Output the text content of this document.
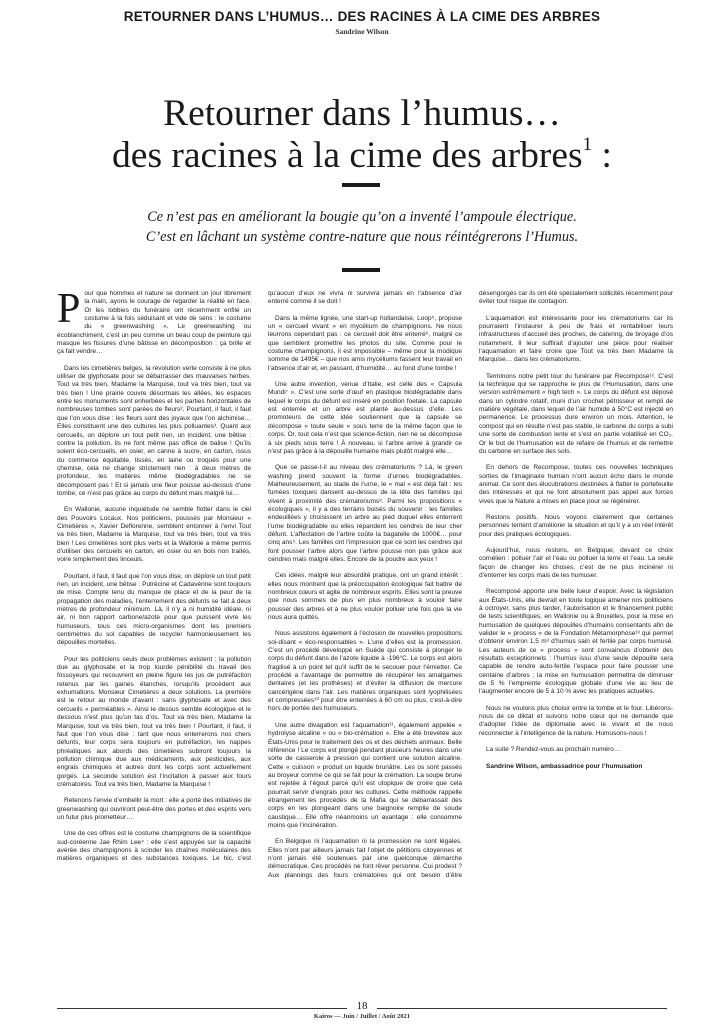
RETOURNER DANS L’HUMUS… DES RACINES À LA CIME DES ARBRES
Sandrine Wilson
Retourner dans l’humus…
des racines à la cime des arbres$^1$ :
Ce n’est pas en améliorant la bougie qu’on a inventé l’ampoule électrique.
C’est en lâchant un système contre-nature que nous réintégrerons l’Humus.

Pour que hommes et nature se donnent un jour librement la main, ayons le courage de regarder la réalité en face. Or les lobbies du funéraire ont récemment enfilé un costume à la fois séduisant et vide de sens : le costume du « greenwashing ». Le greenwashing ou écoblanchiment, c’est un peu comme un beau coup de peinture qui masque les fissures d’une bâtisse en décomposition : ça brille et ça fait vendre…

Dans les cimetières belges, la révolution verte consiste à ne plus utiliser de glyphosate pour se débarrasser des mauvaises herbes. Tout va très bien, Madame la Marquise, tout va très bien, tout va très bien ! Une prairie couvre désormais les allées, les espaces entre les monuments sont enherbées et les parties horizontales de nombreuses tombes sont parées de fleurs². Pourtant, il faut, il faut que l’on vous dise : les fleurs sont des joyaux que l’on alchimise… Elles constituent une des cultures les plus polluantes³. Quant aux cercueils, on déplore un tout petit rien, un incident, une bêtise : contre la pollution, ils ne font même pas office de balise ! Qu’ils soient éco-cercueils, en osier, en canne à sucre, en carton, issus du commerce équitable, tissés, en laine ou troqués pour une chemise, cela ne change strictement rien : à deux mètres de profondeur, les matières même biodégradables ne se décomposent pas ! Et si jamais une fleur pousse au-dessus d’une tombe, ce n’est pas grâce au corps du défunt mais malgré lui…

En Wallonie, aucune inquiétude ne semble flotter dans le ciel des Pouvoirs Locaux. Nos politiciens, poussés par Monsieur « Cimetières », Xavier Deflorenne, semblent entonner à l’envi Tout va très bien, Madame la Marquise, tout va très bien, tout va très bien ! Les cimetières sont plus verts et la Wallonie a même permis d’utiliser des cercueils en carton, en osier ou en bois non traités, voire simplement des linceuls.

Pourtant, il faut, il faut que l’on vous dise, on déplore un tout petit rien, un incident, une bêtise : Putrécine et Cadavérine sont toujours de mise. Compte tenu du manque de place et de la peur de la propagation des maladies, l’enterrement des défunts se fait à deux mètres de profondeur minimum. Là, il n’y a ni humidité idéale, ni air, ni bon rapport carbone/azote pour que puissent vivre les humuseurs, tous ces micro-organismes dont les premiers centimètres du sol capables de recycler harmonieusement les dépouilles mortelles.

Pour les politiciens seuls deux problèmes existent : la pollution due au glyphosate et la trop lourde pénibilité du travail des fossoyeurs qui recouvrent en pleine figure les jus de putréfaction retenus par les gaines étanches, lorsqu’ils procèdent aux exhumations. Monsieur Cimetières a deux solutions. La première est le retour au monde d’avant : sans glyphosate et avec des cercueils « perméables ». Ainsi le dessus semble écologique et le dessous n’est plus qu’un tas d’os. Tout va très bien, Madame la Marquise, tout va très bien, tout va très bien ! Pourtant, il faut, il faut que l’on vous dise : tant que nous enterrerons nos chers défunts, leur corps sera toujours en putréfaction, les nappes phréatiques aux abords des cimetières subiront toujours la pollution chimique due aux médicaments, aux pesticides, aux engrais chimiques et autres dont les corps sont actuellement gorgés. La seconde solution est l’incitation à passer aux fours crématoires. Tout va très bien, Madame la Marquise !

Retenons l’envie d’embellir la mort : elle a porté des initiatives de greenwashing qui ouvriront peut-être des portes et des esprits vers un futur plus prometteur…

Une de ces offres est le costume champignons de la scientifique sud-coréenne Jae Rhim Lee⁴ : elle s’est appuyée sur la capacité avérée des champignons à scinder les chaînes moléculaires des matières organiques et des substances toxiques. Le hic, c’est qu’aucun d’eux ne vivra ni survivra jamais en l’absence d’air enterré comme il se doit !

Dans la même lignée, une start-up hollandaise, Loop⁵, propose un « cercueil vivant » en mycélium de champignons. Ne nous leurrons cependant pas : ce cercueil doit être enterré⁶, malgré ce que semblent promettre les photos du site. Comme pour le costume champignons, il est impossible – même pour la modique somme de 1495€ – que nos amis mycéliums fassent leur travail en l’absence d’air et, en passant, d’humidité… au fond d’une tombe !

Une autre invention, venue d’Italie, est celle des « Capsula Mundi⁷ ». C’est une sorte d’œuf en plastique biodégradable dans lequel le corps du défunt est inséré en position foetale. La capsule est enterrée et un arbre est planté au-dessus d’elle. Les promoteurs de cette idée soutiennent que la capsule se décompose « toute seule » sous terre de la même façon que le corps. Or, tout cela n’est que science-fiction, rien ne se décompose à six pieds sous terre ! À nouveau, si l’arbre arrive à grandir ce n’est pas grâce à la dépouille humaine mais plutôt malgré elle…

Que se passe-t-il au niveau des crématoriums ? Là, le green washing prend souvent la forme d’urnes biodégradables. Malheureusement, au stade de l’urne, le « mal » est déjà fait : les fumées toxiques dansent au-dessus de la tête des familles qui vivent à proximité des crématoriums⁸. Parmi les propositions « écologiques », il y a des terrains boisés du souvenir : les familles endeuillées y choisissent un arbre au pied duquel elles enterrent l’urne biodégradable ou elles répandent les cendres de leur cher défunt. L’affectation de l’arbre coûte la bagatelle de 1000€… pour cinq ans⁹. Les familles ont l’impression que ce sont les cendres qui font pousser l’arbre alors que l’arbre pousse non pas grâce aux cendres mais malgré elles. Encore de la poudre aux yeux !

Ces idées, malgré leur absurdité pratique, ont un grand intérêt : elles nous montrent que la préoccupation écologique fait battre de nombreux cœurs et agite de nombreux esprits. Elles sont la preuve que nous sommes de plus en plus nombreux à vouloir faire pousser des arbres et à ne plus vouloir polluer une fois que la vie nous aura quittés.

Nous assistons également à l’éclosion de nouvelles propositions soi-disant « éco-responsables ». L’une d’elles est la promession. C’est un procédé développé en Suède qui consiste à plonger le corps du défunt dans de l’azote liquide à -196°C. Le corps est alors fragilisé à un point tel qu’il suffit de le secouer pour l’émietter. Ce procédé a l’avantage de permettre de récupérer les amalgames dentaires (et les prothèses) et d’éviter la diffusion de mercure cancérigène dans l’air. Les matières organiques sont lyophilisées et compressées¹⁰ pour être enterrées à 60 cm ou plus, c’est-à-dire hors de portée des humuseurs.

Une autre divagation est l’aquamation¹¹, également appelée « hydrolyse alcaline » ou « bio-crémation ». Elle a été brevetée aux États-Unis pour le traitement des os et des déchets animaux. Belle référence ! Le corps est plongé pendant plusieurs heures dans une sorte de casserole à pression qui contient une solution alcaline. Cette « cuisson » produit un liquide brunâtre. Les os sont passés au broyeur comme ce qui se fait pour la crémation. La soupe brune est rejetée à l’égout parce qu’il est utopique de croire que cela pourrait servir d’engrais pour les cultures. Cette méthode rappelle étrangement les procédés de la Mafia qui se débarrassait des corps en les plongeant dans une baignoire remplie de soude caustique… Elle offre néanmoins un avantage : elle consomme moins que l’incinération.

En Belgique ni l’aquamation ni la promession ne sont légales. Elles n’ont par ailleurs jamais fait l’objet de pétitions citoyennes et n’ont jamais été soutenues par une quelconque démarche démocratique. Ces procédés ne font rêver personne. Cui prodest ? Aux plannings des fours crématoires qui ont besoin d’être désengorgés car ils ont été spécialement sollicités récemment pour éviter tout risque de contagion.

L’aquamation est intéressante pour les crématoriums car ils pourraient l’instaurer à peu de frais et rentabiliser leurs infrastructures d’accueil des proches, de catering, de broyage d’os notamment. Il leur suffirait d’ajouter une pièce pour réaliser l’aquamation et faire croire que Tout va très bien Madame la Marquise… dans les crématoriums.

Terminons notre petit tour du funéraire par Recompose¹². C’est la technique qui se rapproche le plus de l’Humusation, dans une version extrêmement « high tech ». Le corps du défunt est déposé dans un cylindre rotatif, muni d’un crochet pétrisseur et rempli de matière végétale, dans lequel de l’air humide à 50°C est injecté en permanence. Le processus dure environ un mois. Attention, le compost qui en résulte n’est pas stable, le carbone du corps a subi une sorte de combustion lente et s’est en partie volatilisé en CO₂. Or le but de l’humusation est de refaire de l’humus et de remettre du carbone en surface des sols.

En dehors de Recompose, toutes ces nouvelles techniques sorties de l’imaginaire humain n’ont aucun écho dans le monde animal. Ce sont des élucubrations destinées à flatter le portefeuille des intéressés et qui ne font absolument pas appel aux forces vives que la Nature a mises en place pour se régénérer.

Restons positifs. Nous voyons clairement que certaines personnes tentent d’améliorer la situation et qu’il y a un réel intérêt pour des pratiques écologiques.

Aujourd’hui, nous restons, en Belgique, devant ce choix cornélien : polluer l’air et l’eau ou polluer la terre et l’eau. La seule façon de changer les choses, c’est de ne plus incinérer ni d’enterrer les corps mais de les humuser.

Recomposé apporte une belle lueur d’espoir. Avec la législation aux États-Unis, elle devrait en toute logique amener nos politiciens à octroyer, sans plus tarder, l’autorisation et le financement public de tests scientifiques, en Wallonie ou à Bruxelles, pour la mise en humusation de quelques dépouilles d’humains consentants afin de valider le « process » de la Fondation Métamorphose¹³ qui permet d’obtenir environ 1,5 m³ d’humus sain et fertile par corps humusé. Les auteurs de ce « process » sont convaincus d’obtenir des résultats exceptionnels : l’humus issu d’une seule dépouille sera capable de rendre auto-fertile l’espace pour faire pousser une centaine d’arbres ; la mise en humusation permettra de diminuer de 5 % l’empreinte écologique globale d’une vie au lieu de l’augmenter encore de 5 à 10 % avec les pratiques actuelles.

Nous ne voulons plus choisir entre la tombe et le four. Libérons-nous de ce diktat et suivons notre cœur qui ne demande que d’adopter l’idée de diplomatie avec le vivant et de nous reconnecter à l’intelligence de la nature. Humusons-nous !

La suite ? Rendez-vous au prochain numéro…

Sandrine Wilson, ambassadrice pour l’humusation

18
Kairos — Juin / Juillet / Août 2021
